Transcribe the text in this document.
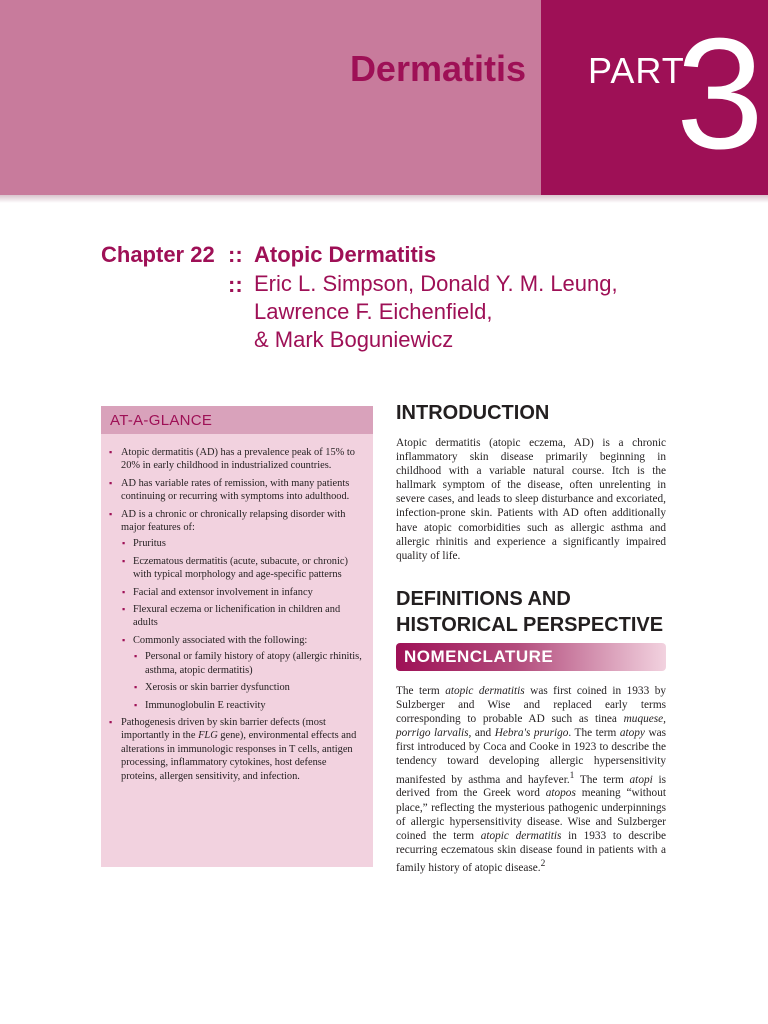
Dermatitis PART
3
Chapter 22 :: Atopic Dermatitis
:: Eric L. Simpson, Donald Y. M. Leung,
Lawrence F. Eichenfield,
& Mark Boguniewicz
AT-A-GLANCE
▪ Atopic dermatitis (AD) has a prevalence peak of 15% to 20% in early childhood in industrialized countries.
▪ AD has variable rates of remission, with many patients continuing or recurring with symptoms into adulthood.
▪ AD is a chronic or chronically relapsing disorder with major features of:
▪ Pruritus
▪ Eczematous dermatitis (acute, subacute, or chronic) with typical morphology and age-specific patterns
▪ Facial and extensor involvement in infancy
▪ Flexural eczema or lichenification in children and adults
▪ Commonly associated with the following:
▪ Personal or family history of atopy (allergic rhinitis, asthma, atopic dermatitis)
▪ Xerosis or skin barrier dysfunction
▪ Immunoglobulin E reactivity
▪ Pathogenesis driven by skin barrier defects (most importantly in the FLG gene), environmental effects and alterations in immunologic responses in T cells, antigen processing, inflammatory cytokines, host defense proteins, allergen sensitivity, and infection.
INTRODUCTION

Atopic dermatitis (atopic eczema, AD) is a chronic inflammatory skin disease primarily beginning in childhood with a variable natural course. Itch is the hallmark symptom of the disease, often unrelenting in severe cases, and leads to sleep disturbance and excoriated, infection-prone skin. Patients with AD often additionally have atopic comorbidities such as allergic asthma and allergic rhinitis and experience a significantly impaired quality of life.

DEFINITIONS AND
HISTORICAL PERSPECTIVE
NOMENCLATURE

The term atopic dermatitis was first coined in 1933 by Sulzberger and Wise and replaced early terms corresponding to probable AD such as tinea muquese, porrigo larvalis, and Hebra's prurigo. The term atopy was first introduced by Coca and Cooke in 1923 to describe the tendency toward developing allergic hypersensitivity manifested by asthma and hayfever.$^1$ The term atopi is derived from the Greek word atopos meaning “without place,” reflecting the mysterious pathogenic underpinnings of allergic hypersensitivity disease. Wise and Sulzberger coined the term atopic dermatitis in 1933 to describe recurring eczematous skin disease found in patients with a family history of atopic disease.$^2$
